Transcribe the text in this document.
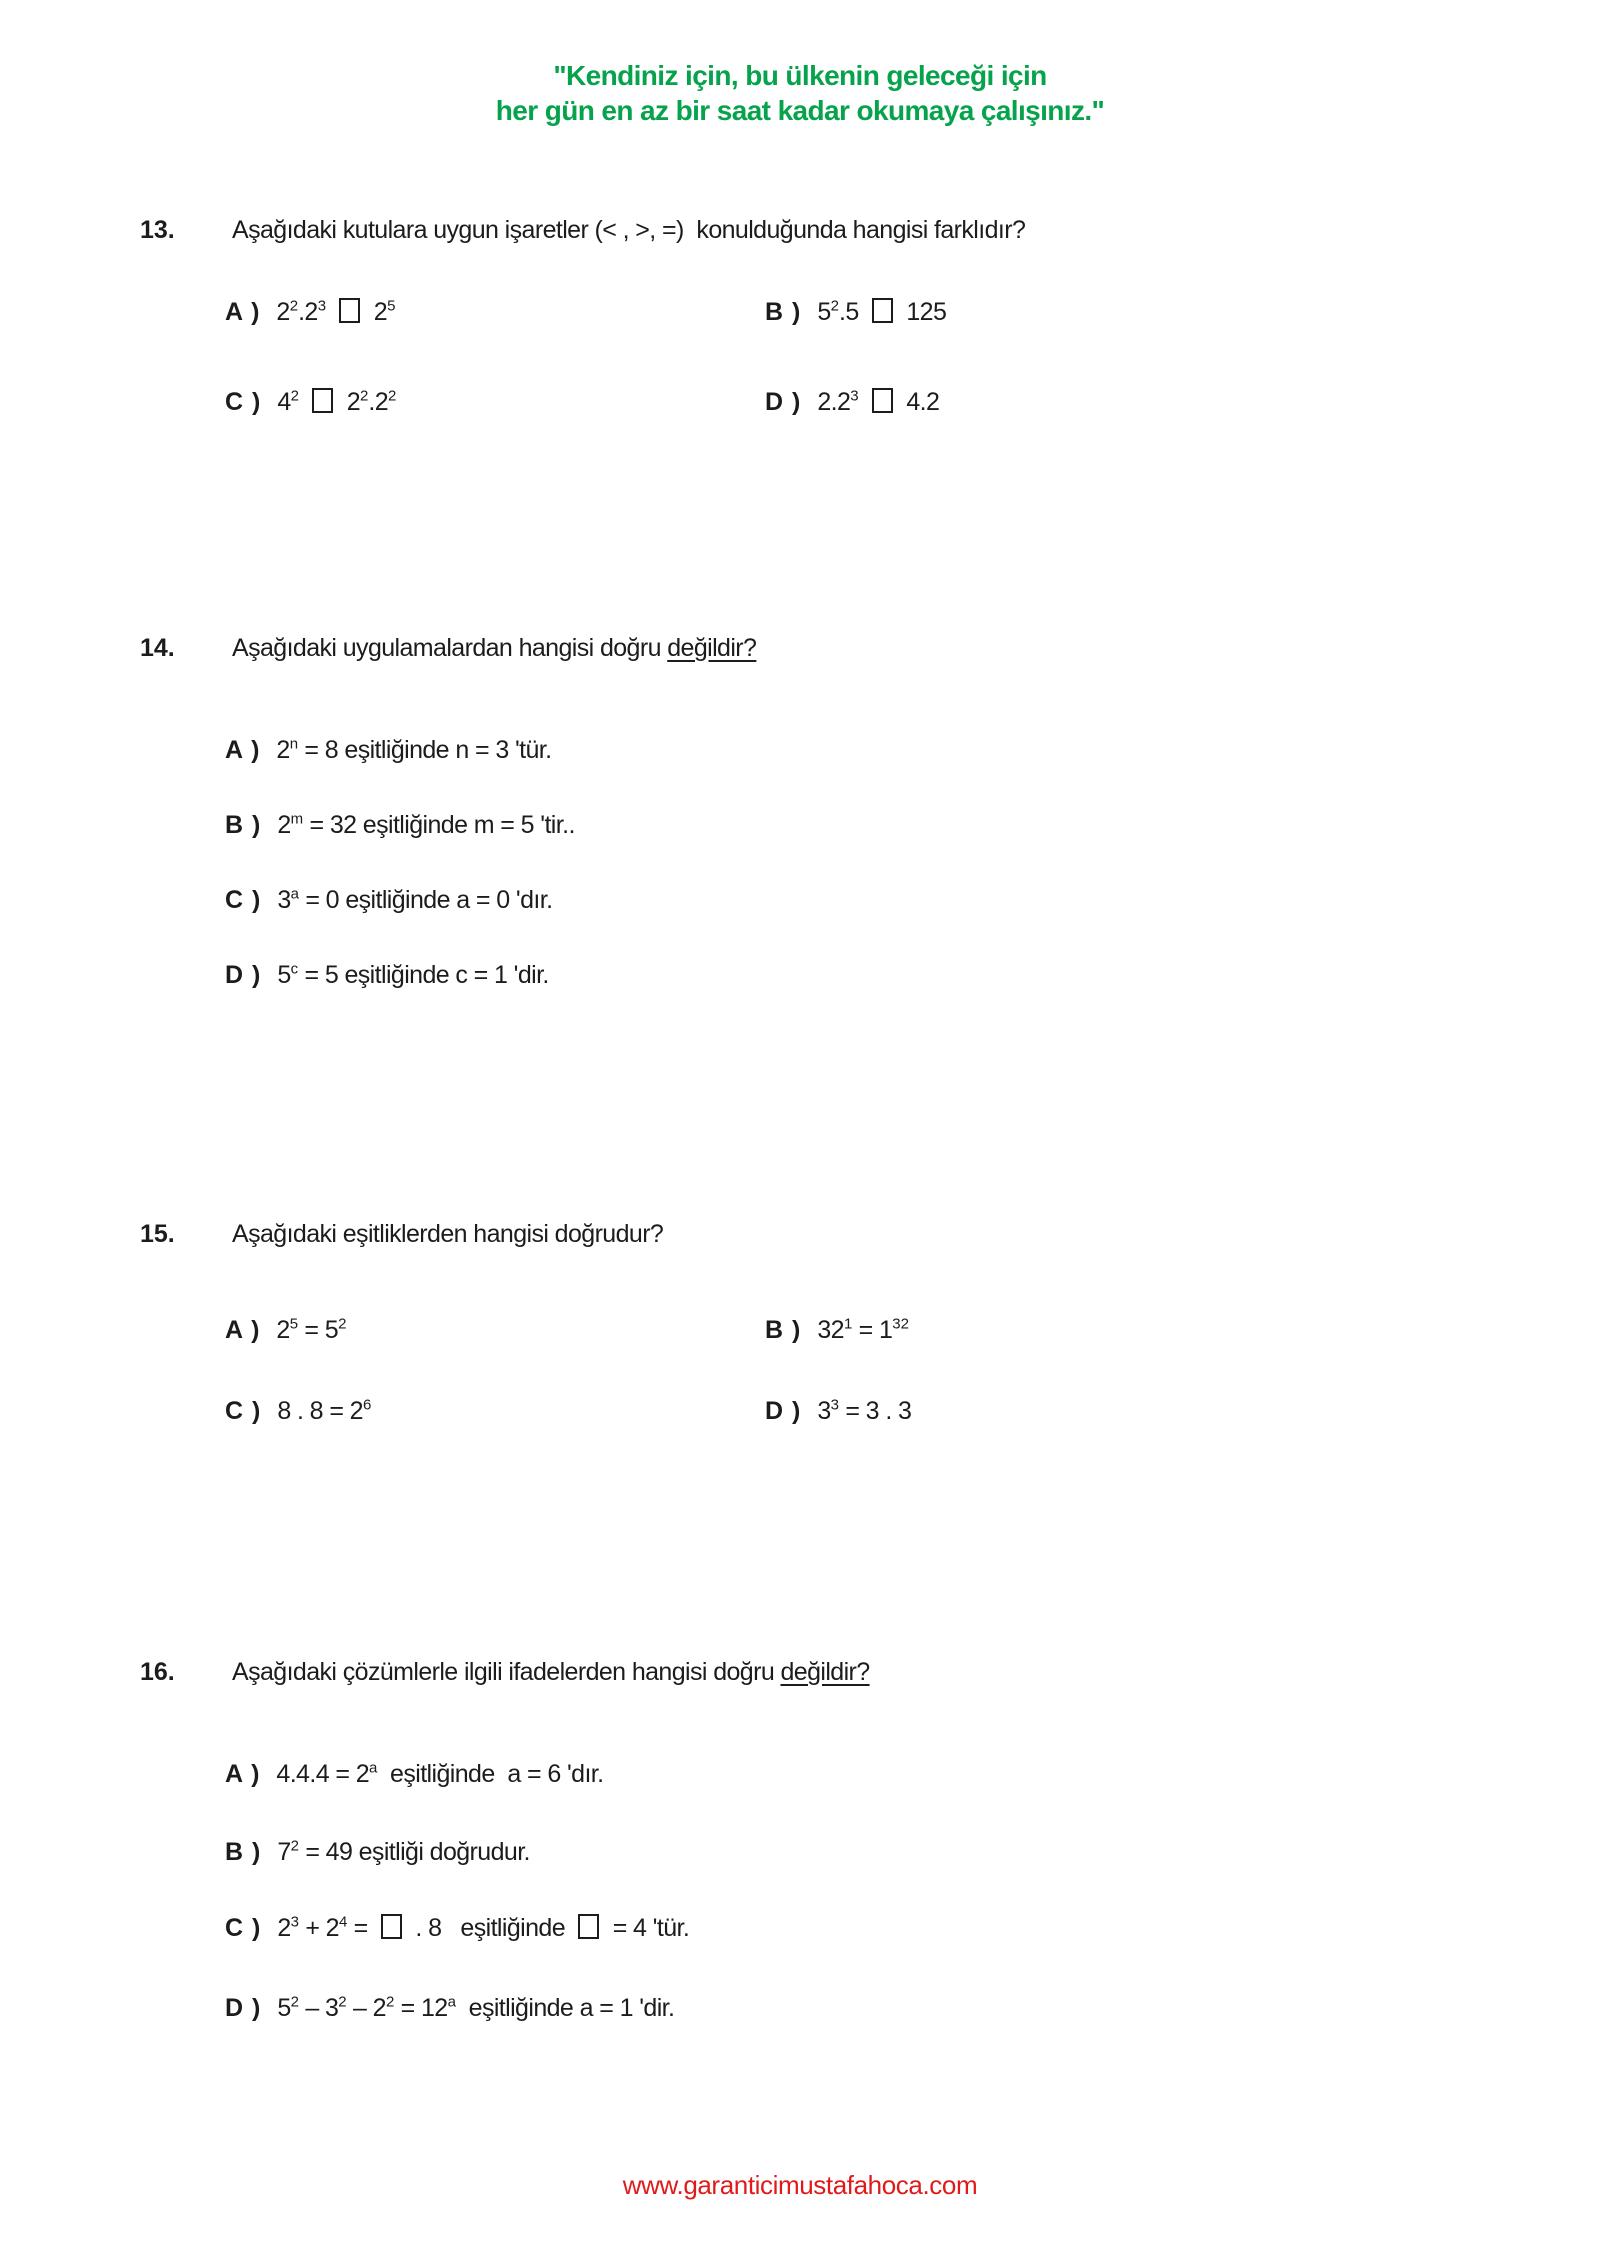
"Kendiniz için, bu ülkenin geleceği için
her gün en az bir saat kadar okumaya çalışınız."
13. Aşağıdaki kutulara uygun işaretler (< , >, =)  konulduğunda hangisi farklıdır?
A ) $2^2.2^3$  $2^5$	B ) $5^2.5$  125
C ) $4^2$  $2^2.2^2$	D ) $2.2^3$  4.2
14. Aşağıdaki uygulamalardan hangisi doğru değildir?
A ) $2^n = 8$ eşitliğinde n = 3 'tür.
B ) $2^m = 32$ eşitliğinde m = 5 'tir..
C ) $3^a = 0$ eşitliğinde a = 0 'dır.
D ) $5^c = 5$ eşitliğinde c = 1 'dir.
15. Aşağıdaki eşitliklerden hangisi doğrudur?
A ) $2^5 = 5^2$	B ) $32^1 = 1^{32}$
C ) 8 . $8 = 2^6$	D ) $3^3 = 3$ . 3
16. Aşağıdaki çözümlerle ilgili ifadelerden hangisi doğru değildir?
A ) $4.4.4 = 2^a$  eşitliğinde  a = 6 'dır.
B ) $7^2 = 49$ eşitliği doğrudur.
C ) $2^3 + 2^4$ =  . 8   eşitliğinde  = 4 'tür.
D ) $5^2 - 3^2 - 2^2 = 12^a$  eşitliğinde a = 1 'dir.
www.garanticimustafahoca.com
